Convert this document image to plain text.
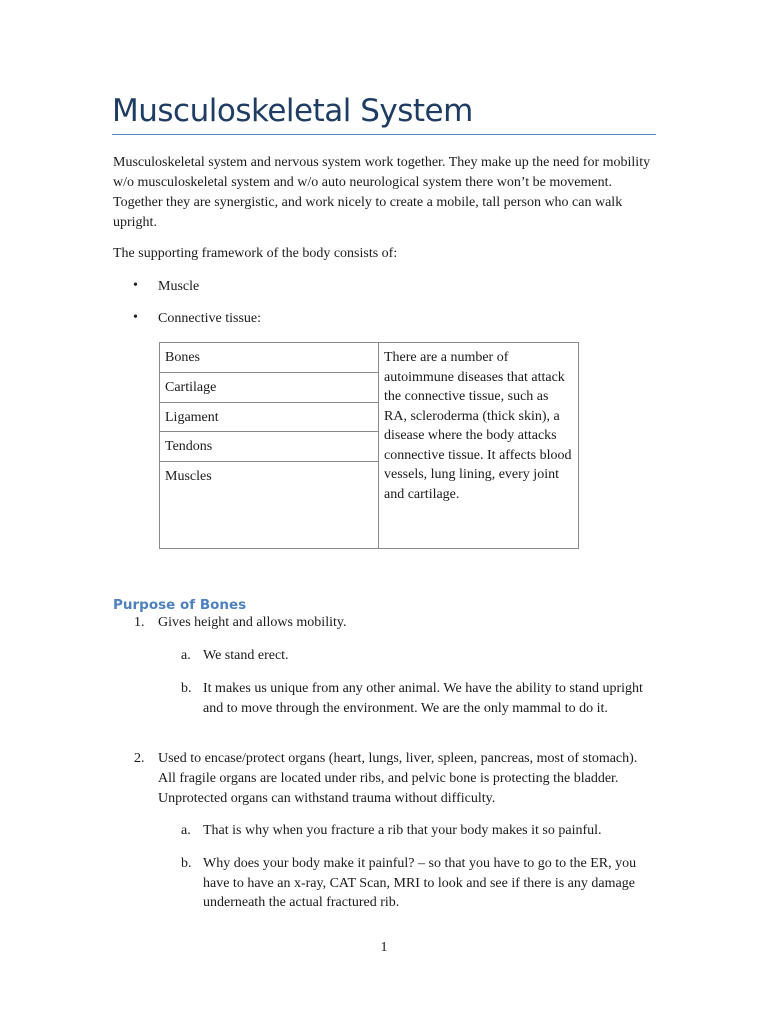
Musculoskeletal System
Musculoskeletal system and nervous system work together. They make up the need for mobility w/o musculoskeletal system and w/o auto neurological system there won’t be movement. Together they are synergistic, and work nicely to create a mobile, tall person who can walk upright.
The supporting framework of the body consists of:
• Muscle
• Connective tissue:
Bones	There are a number of autoimmune diseases that attack the connective tissue, such as RA, scleroderma (thick skin), a disease where the body attacks connective tissue. It affects blood vessels, lung lining, every joint and cartilage.
Cartilage
Ligament
Tendons
Muscles
Purpose of Bones
1. Gives height and allows mobility.
a. We stand erect.
b. It makes us unique from any other animal. We have the ability to stand upright and to move through the environment. We are the only mammal to do it.
2. Used to encase/protect organs (heart, lungs, liver, spleen, pancreas, most of stomach). All fragile organs are located under ribs, and pelvic bone is protecting the bladder. Unprotected organs can withstand trauma without difficulty.
a. That is why when you fracture a rib that your body makes it so painful.
b. Why does your body make it painful? – so that you have to go to the ER, you have to have an x-ray, CAT Scan, MRI to look and see if there is any damage underneath the actual fractured rib.
1
